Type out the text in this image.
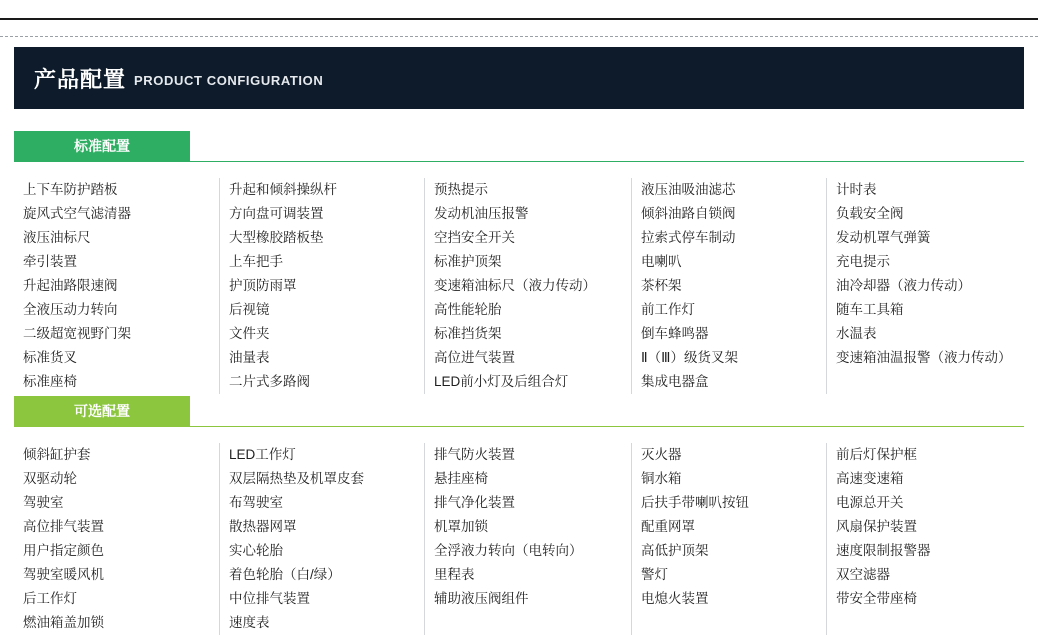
产品配置 PRODUCT CONFIGURATION
标准配置
上下车防护踏板
旋风式空气滤清器
液压油标尺
牵引装置
升起油路限速阀
全液压动力转向
二级超宽视野门架
标准货叉
标准座椅
升起和倾斜操纵杆
方向盘可调装置
大型橡胶踏板垫
上车把手
护顶防雨罩
后视镜
文件夹
油量表
二片式多路阀
预热提示
发动机油压报警
空挡安全开关
标准护顶架
变速箱油标尺（液力传动）
高性能轮胎
标准挡货架
高位进气装置
LED前小灯及后组合灯
液压油吸油滤芯
倾斜油路自锁阀
拉索式停车制动
电喇叭
茶杯架
前工作灯
倒车蜂鸣器
Ⅱ（Ⅲ）级货叉架
集成电器盒
计时表
负载安全阀
发动机罩气弹簧
充电提示
油冷却器（液力传动）
随车工具箱
水温表
变速箱油温报警（液力传动）
可选配置
倾斜缸护套
双驱动轮
驾驶室
高位排气装置
用户指定颜色
驾驶室暖风机
后工作灯
燃油箱盖加锁
LED工作灯
双层隔热垫及机罩皮套
布驾驶室
散热器网罩
实心轮胎
着色轮胎（白/绿）
中位排气装置
速度表
排气防火装置
悬挂座椅
排气净化装置
机罩加锁
全浮液力转向（电转向）
里程表
辅助液压阀组件
灭火器
铜水箱
后扶手带喇叭按钮
配重网罩
高低护顶架
警灯
电熄火装置
前后灯保护框
高速变速箱
电源总开关
风扇保护装置
速度限制报警器
双空滤器
带安全带座椅
